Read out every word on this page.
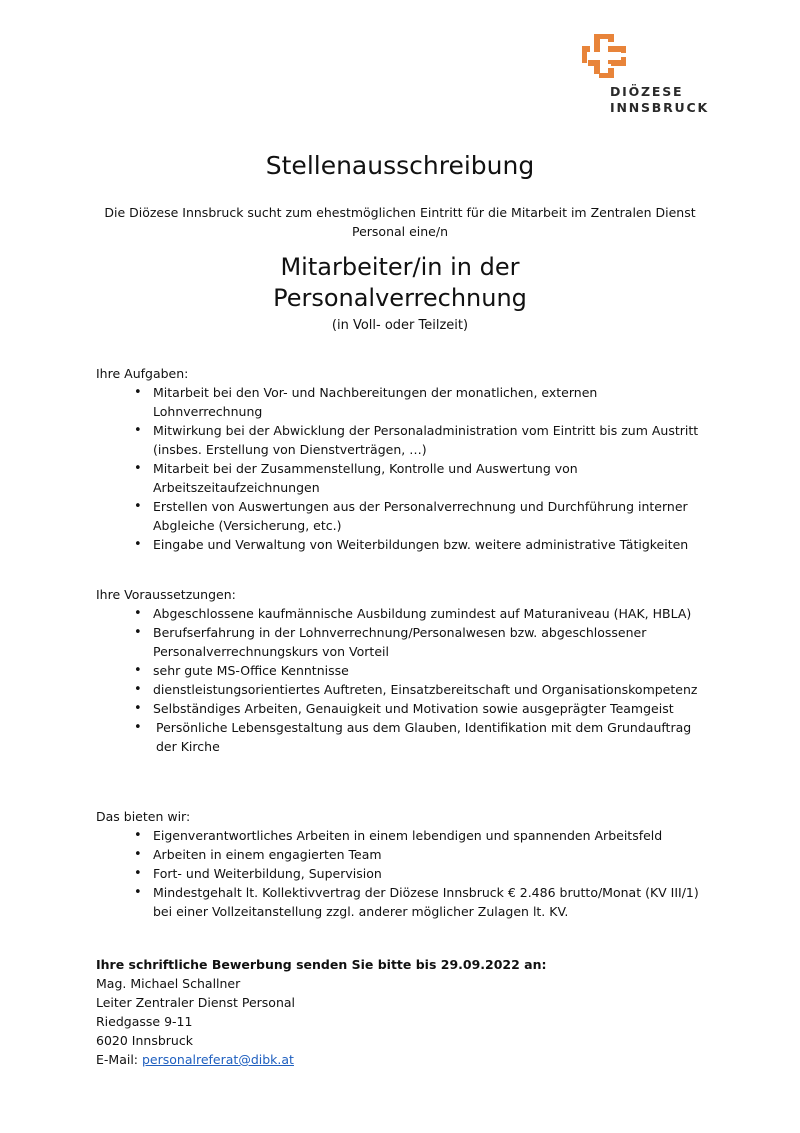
DIÖZESE
INNSBRUCK
Stellenausschreibung

Die Diözese Innsbruck sucht zum ehestmöglichen Eintritt für die Mitarbeit im Zentralen Dienst Personal eine/n

Mitarbeiter/in in der
Personalverrechnung

(in Voll- oder Teilzeit)

Ihre Aufgaben:
• Mitarbeit bei den Vor- und Nachbereitungen der monatlichen, externen Lohnverrechnung
• Mitwirkung bei der Abwicklung der Personaladministration vom Eintritt bis zum Austritt (insbes. Erstellung von Dienstverträgen, …)
• Mitarbeit bei der Zusammenstellung, Kontrolle und Auswertung von Arbeitszeitaufzeichnungen
• Erstellen von Auswertungen aus der Personalverrechnung und Durchführung interner Abgleiche (Versicherung, etc.)
• Eingabe und Verwaltung von Weiterbildungen bzw. weitere administrative Tätigkeiten
Ihre Voraussetzungen:
• Abgeschlossene kaufmännische Ausbildung zumindest auf Maturaniveau (HAK, HBLA)
• Berufserfahrung in der Lohnverrechnung/Personalwesen bzw. abgeschlossener Personalverrechnungskurs von Vorteil
• sehr gute MS-Office Kenntnisse
• dienstleistungsorientiertes Auftreten, Einsatzbereitschaft und Organisationskompetenz
• Selbständiges Arbeiten, Genauigkeit und Motivation sowie ausgeprägter Teamgeist
• Persönliche Lebensgestaltung aus dem Glauben, Identifikation mit dem Grundauftrag der Kirche
Das bieten wir:
• Eigenverantwortliches Arbeiten in einem lebendigen und spannenden Arbeitsfeld
• Arbeiten in einem engagierten Team
• Fort- und Weiterbildung, Supervision
• Mindestgehalt lt. Kollektivvertrag der Diözese Innsbruck € 2.486 brutto/Monat (KV III/1) bei einer Vollzeitanstellung zzgl. anderer möglicher Zulagen lt. KV.
Ihre schriftliche Bewerbung senden Sie bitte bis 29.09.2022 an:
Mag. Michael Schallner
Leiter Zentraler Dienst Personal
Riedgasse 9-11
6020 Innsbruck
E-Mail: personalreferat@dibk.at
